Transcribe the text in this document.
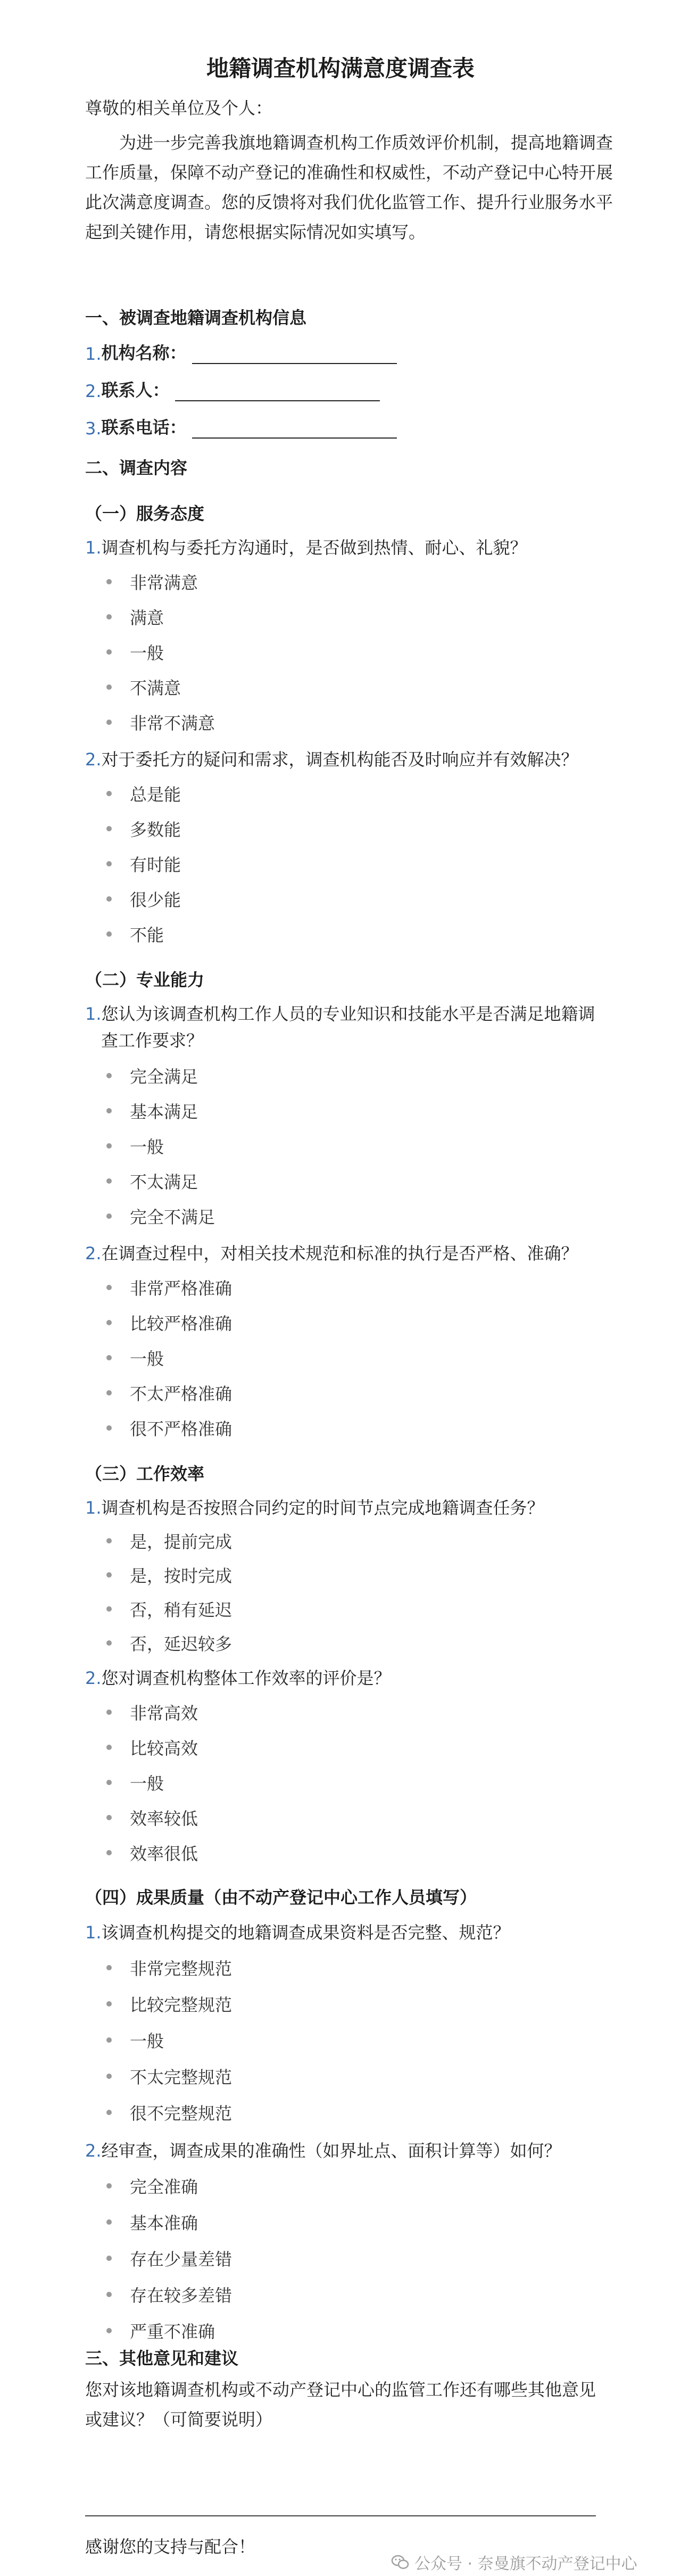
地籍调查机构满意度调查表
尊敬的相关单位及个人：
为进一步完善我旗地籍调查机构工作质效评价机制，提高地籍调查工作质量，保障不动产登记的准确性和权威性，不动产登记中心特开展此次满意度调查。您的反馈将对我们优化监管工作、提升行业服务水平起到关键作用，请您根据实际情况如实填写。
一、被调查地籍调查机构信息
1. 机构名称：
2. 联系人：
3. 联系电话：
二、调查内容
（一）服务态度
1.调查机构与委托方沟通时，是否做到热情、耐心、礼貌？
非常满意
满意
一般
不满意
非常不满意
2.对于委托方的疑问和需求，调查机构能否及时响应并有效解决？
总是能
多数能
有时能
很少能
不能
（二）专业能力
1.您认为该调查机构工作人员的专业知识和技能水平是否满足地籍调
查工作要求？
完全满足
基本满足
一般
不太满足
完全不满足
2.在调查过程中，对相关技术规范和标准的执行是否严格、准确？
非常严格准确
比较严格准确
一般
不太严格准确
很不严格准确
（三）工作效率
1.调查机构是否按照合同约定的时间节点完成地籍调查任务？
是，提前完成
是，按时完成
否，稍有延迟
否，延迟较多
2.您对调查机构整体工作效率的评价是？
非常高效
比较高效
一般
效率较低
效率很低
（四）成果质量（由不动产登记中心工作人员填写）
1.该调查机构提交的地籍调查成果资料是否完整、规范？
非常完整规范
比较完整规范
一般
不太完整规范
很不完整规范
2.经审查，调查成果的准确性（如界址点、面积计算等）如何？
完全准确
基本准确
存在少量差错
存在较多差错
严重不准确
三、其他意见和建议
您对该地籍调查机构或不动产登记中心的监管工作还有哪些其他意见或建议？（可简要说明）
感谢您的支持与配合！
公众号 · 奈曼旗不动产登记中心
